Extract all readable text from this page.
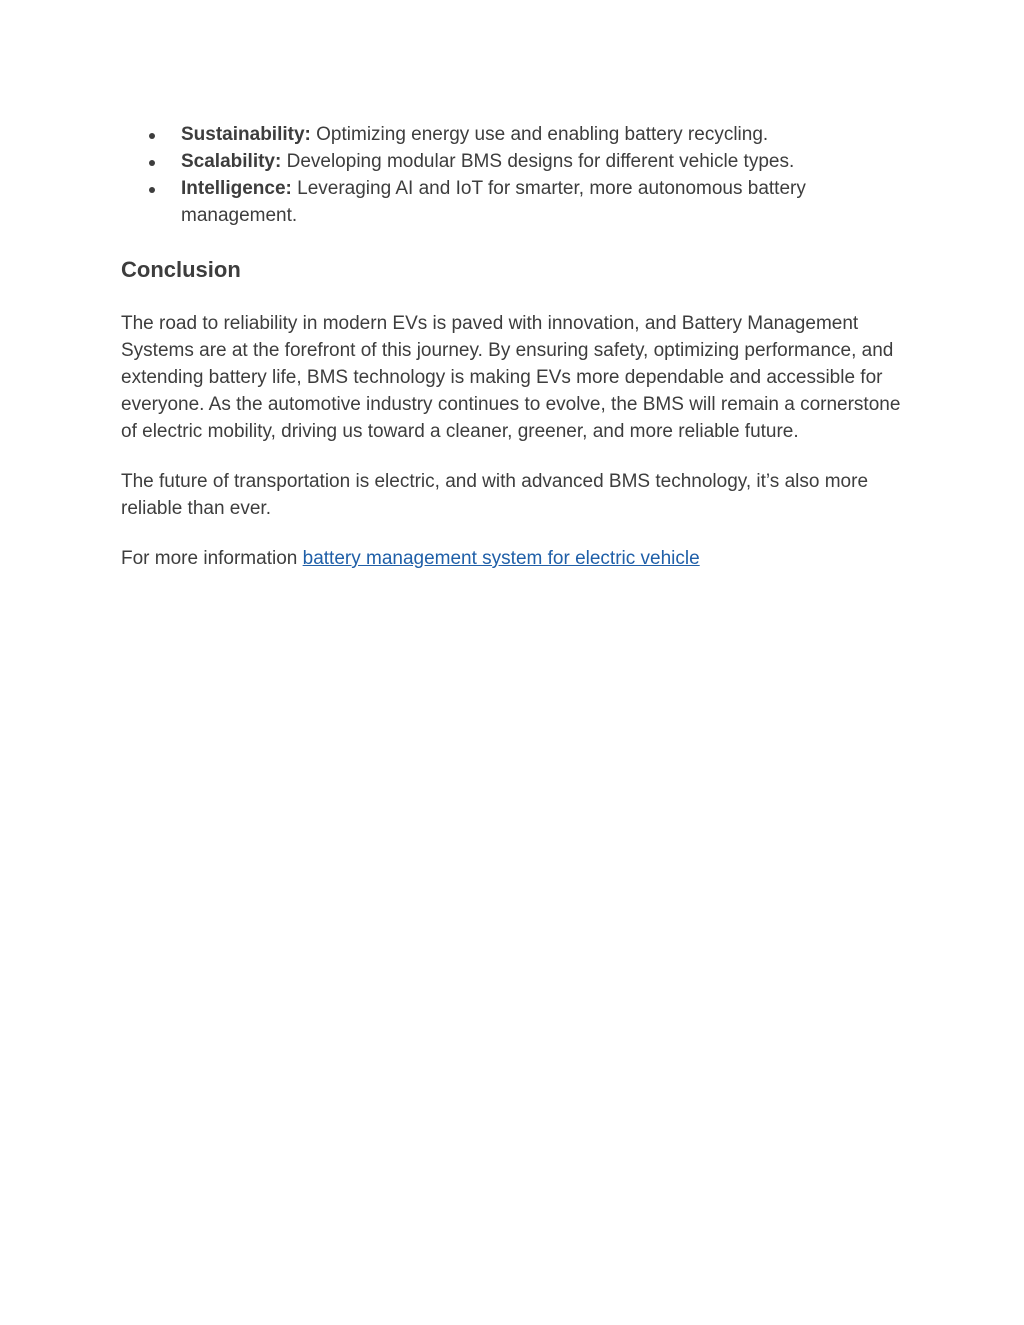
Sustainability: Optimizing energy use and enabling battery recycling.
Scalability: Developing modular BMS designs for different vehicle types.
Intelligence: Leveraging AI and IoT for smarter, more autonomous battery management.
Conclusion

The road to reliability in modern EVs is paved with innovation, and Battery Management Systems are at the forefront of this journey. By ensuring safety, optimizing performance, and extending battery life, BMS technology is making EVs more dependable and accessible for everyone. As the automotive industry continues to evolve, the BMS will remain a cornerstone of electric mobility, driving us toward a cleaner, greener, and more reliable future.

The future of transportation is electric, and with advanced BMS technology, it’s also more reliable than ever.

For more information battery management system for electric vehicle
